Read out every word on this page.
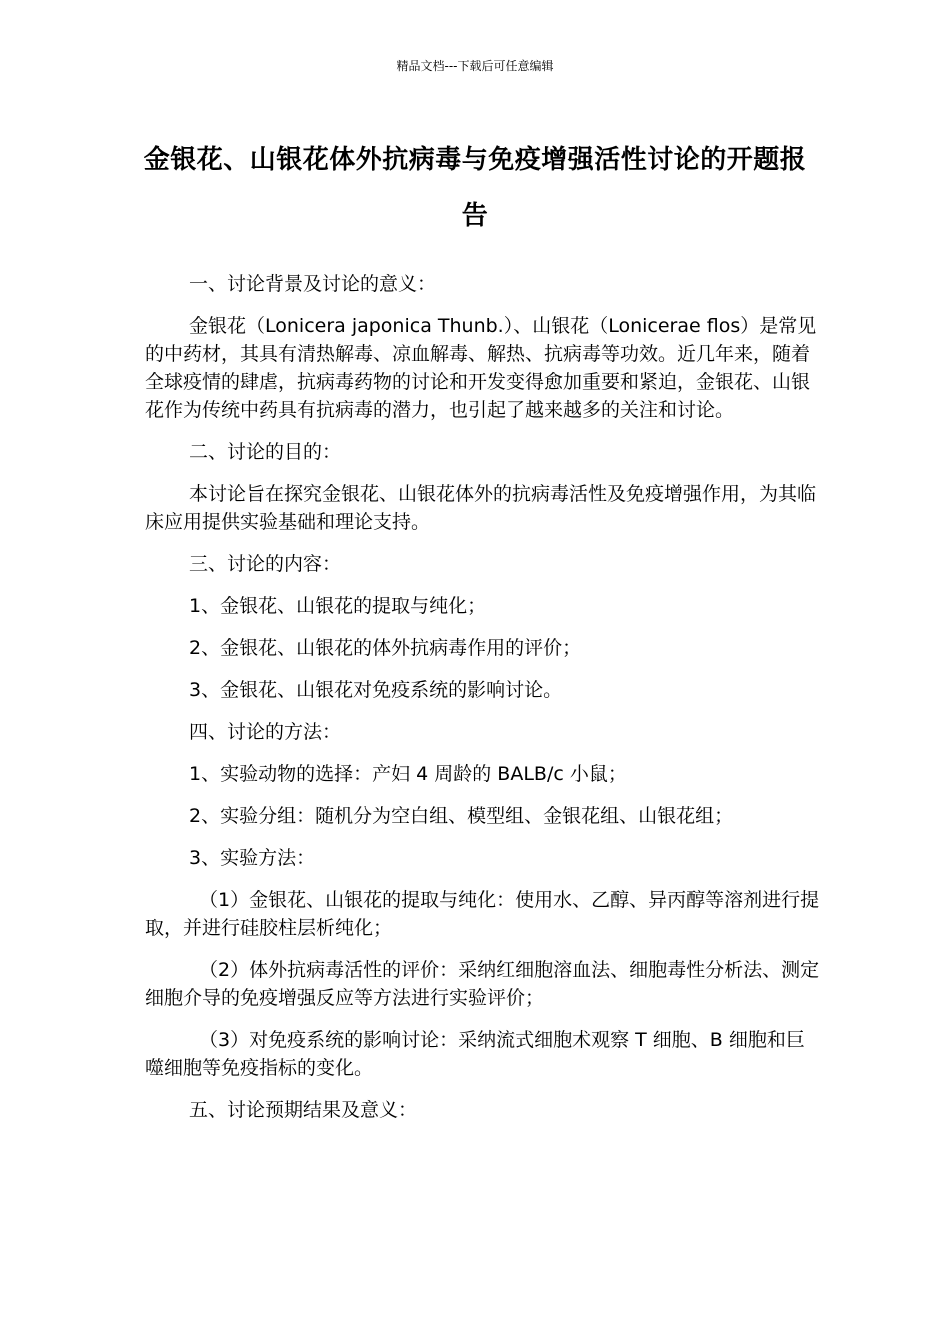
精品文档---下载后可任意编辑
金银花、山银花体外抗病毒与免疫增强活性讨论的开题报告

一、讨论背景及讨论的意义：

金银花（Lonicera japonica Thunb.）、山银花（Lonicerae flos）是常见的中药材，其具有清热解毒、凉血解毒、解热、抗病毒等功效。近几年来，随着全球疫情的肆虐，抗病毒药物的讨论和开发变得愈加重要和紧迫，金银花、山银花作为传统中药具有抗病毒的潜力，也引起了越来越多的关注和讨论。

二、讨论的目的：

本讨论旨在探究金银花、山银花体外的抗病毒活性及免疫增强作用，为其临床应用提供实验基础和理论支持。

三、讨论的内容：

1、金银花、山银花的提取与纯化；

2、金银花、山银花的体外抗病毒作用的评价；

3、金银花、山银花对免疫系统的影响讨论。

四、讨论的方法：

1、实验动物的选择：产妇 4 周龄的 BALB/c 小鼠；

2、实验分组：随机分为空白组、模型组、金银花组、山银花组；

3、实验方法：

（1）金银花、山银花的提取与纯化：使用水、乙醇、异丙醇等溶剂进行提取，并进行硅胶柱层析纯化；

（2）体外抗病毒活性的评价：采纳红细胞溶血法、细胞毒性分析法、测定细胞介导的免疫增强反应等方法进行实验评价；

（3）对免疫系统的影响讨论：采纳流式细胞术观察 T 细胞、B 细胞和巨噬细胞等免疫指标的变化。

五、讨论预期结果及意义：
